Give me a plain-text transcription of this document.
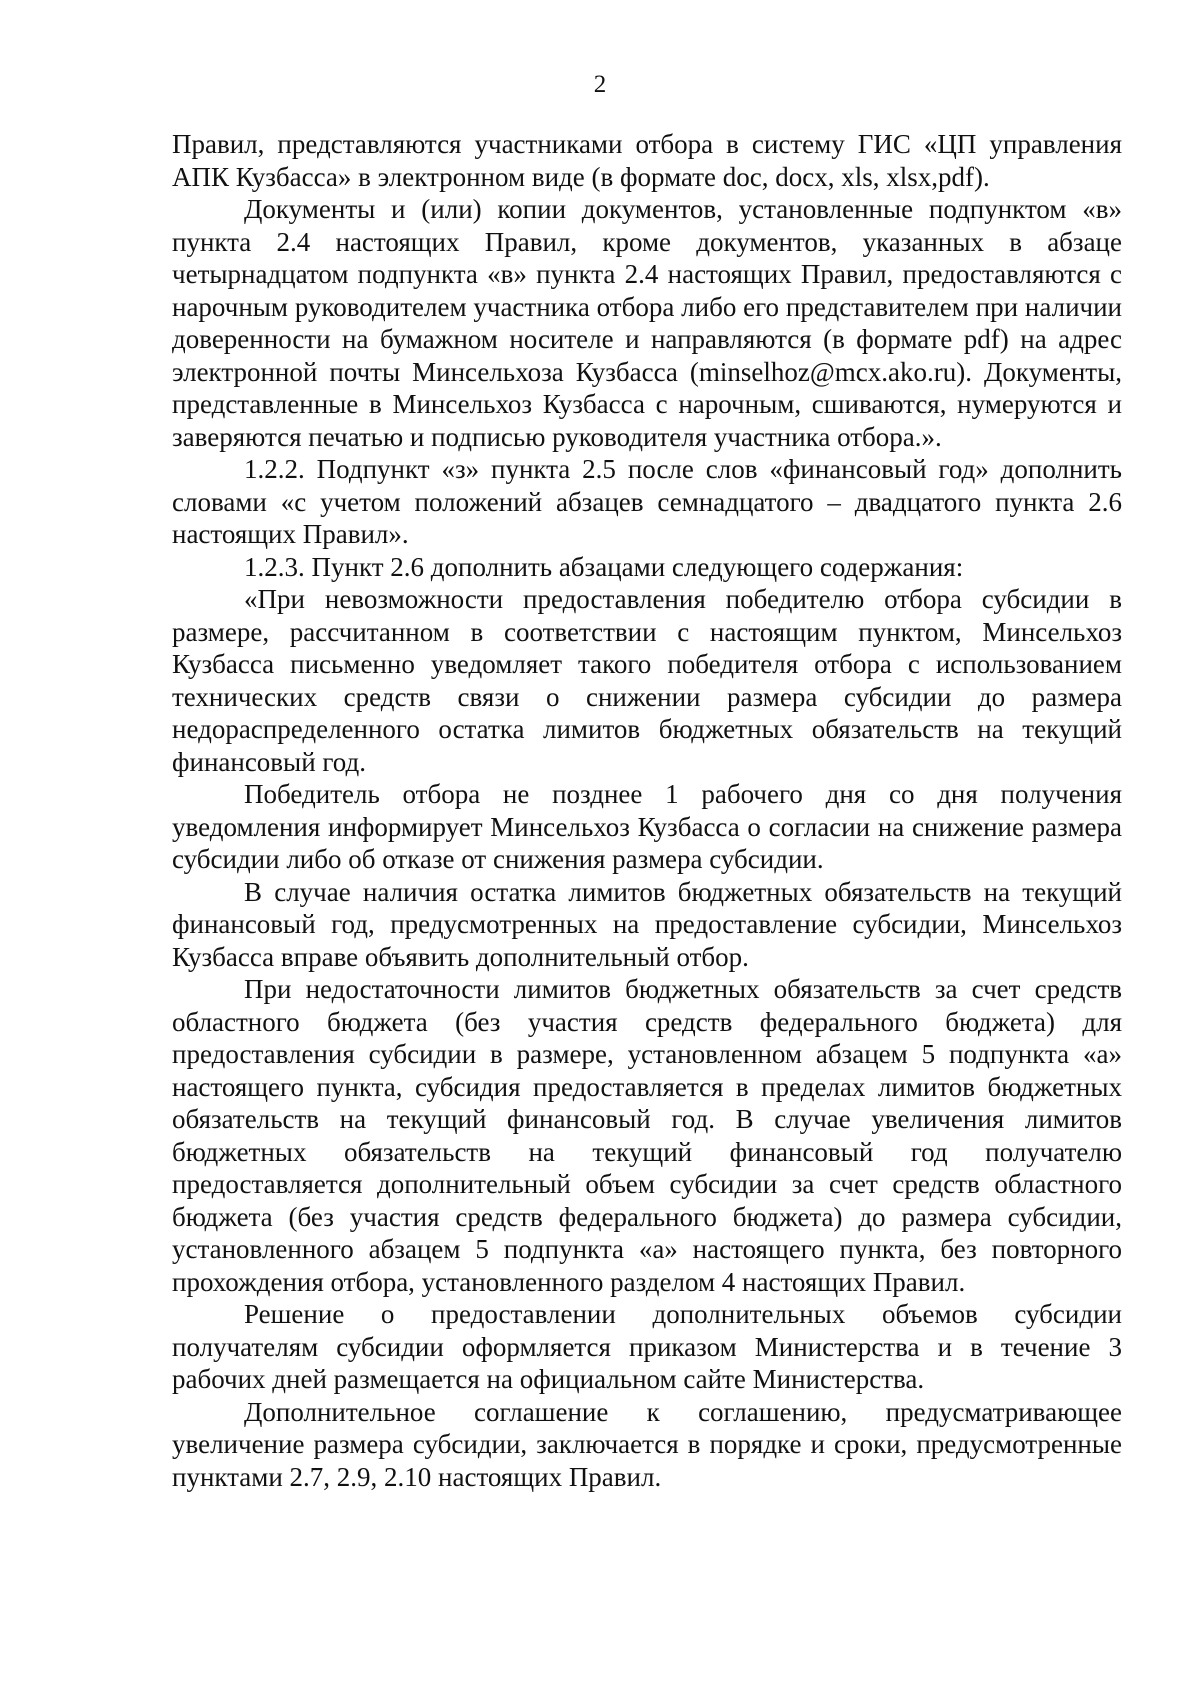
2

Правил, представляются участниками отбора в систему ГИС «ЦП управления АПК Кузбасса» в электронном виде (в формате doc, docx, xls, xlsx,pdf).

Документы и (или) копии документов, установленные подпунктом «в» пункта 2.4 настоящих Правил, кроме документов, указанных в абзаце четырнадцатом подпункта «в» пункта 2.4 настоящих Правил, предоставляются с нарочным руководителем участника отбора либо его представителем при наличии доверенности на бумажном носителе и направляются (в формате pdf) на адрес электронной почты Минсельхоза Кузбасса (minselhoz@mcx.ako.ru). Документы, представленные в Минсельхоз Кузбасса с нарочным, сшиваются, нумеруются и заверяются печатью и подписью руководителя участника отбора.».

1.2.2. Подпункт «з» пункта 2.5 после слов «финансовый год» дополнить словами «с учетом положений абзацев семнадцатого – двадцатого пункта 2.6 настоящих Правил».

1.2.3. Пункт 2.6 дополнить абзацами следующего содержания:

«При невозможности предоставления победителю отбора субсидии в размере, рассчитанном в соответствии с настоящим пунктом, Минсельхоз Кузбасса письменно уведомляет такого победителя отбора с использованием технических средств связи о снижении размера субсидии до размера недораспределенного остатка лимитов бюджетных обязательств на текущий финансовый год.

Победитель отбора не позднее 1 рабочего дня со дня получения уведомления информирует Минсельхоз Кузбасса о согласии на снижение размера субсидии либо об отказе от снижения размера субсидии.

В случае наличия остатка лимитов бюджетных обязательств на текущий финансовый год, предусмотренных на предоставление субсидии, Минсельхоз Кузбасса вправе объявить дополнительный отбор.

При недостаточности лимитов бюджетных обязательств за счет средств областного бюджета (без участия средств федерального бюджета) для предоставления субсидии в размере, установленном абзацем 5 подпункта «а» настоящего пункта, субсидия предоставляется в пределах лимитов бюджетных обязательств на текущий финансовый год. В случае увеличения лимитов бюджетных обязательств на текущий финансовый год получателю предоставляется дополнительный объем субсидии за счет средств областного бюджета (без участия средств федерального бюджета) до размера субсидии, установленного абзацем 5 подпункта «а» настоящего пункта, без повторного прохождения отбора, установленного разделом 4 настоящих Правил.

Решение о предоставлении дополнительных объемов субсидии получателям субсидии оформляется приказом Министерства и в течение 3 рабочих дней размещается на официальном сайте Министерства.

Дополнительное соглашение к соглашению, предусматривающее увеличение размера субсидии, заключается в порядке и сроки, предусмотренные пунктами 2.7, 2.9, 2.10 настоящих Правил.
